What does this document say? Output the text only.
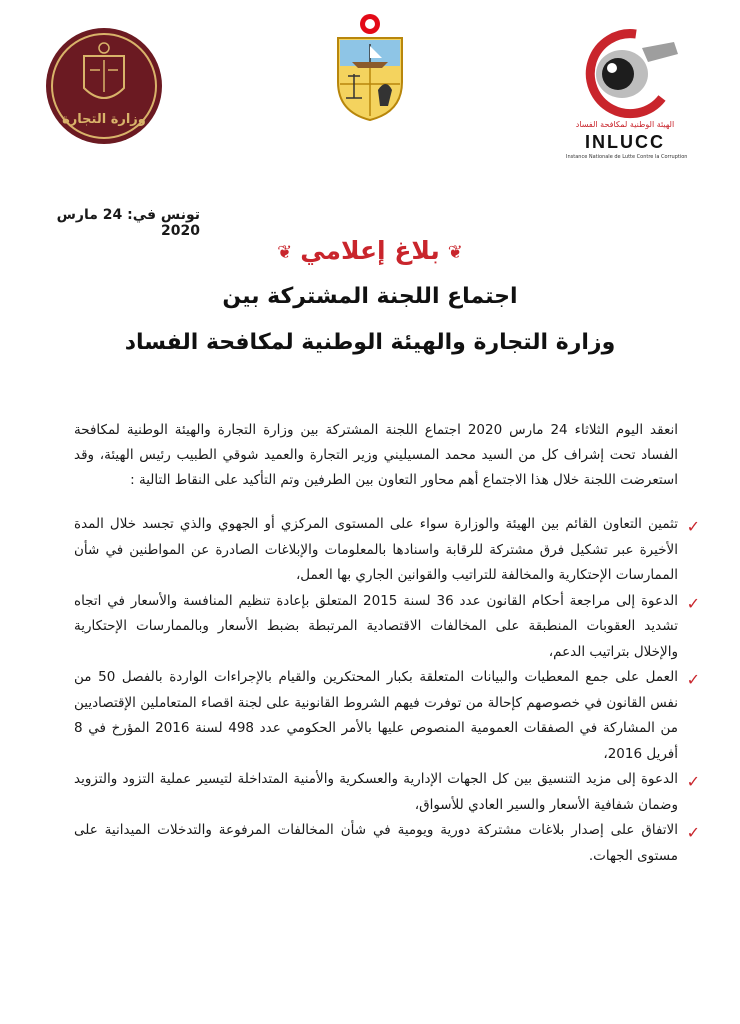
وزارة التجارة	الهيئة الوطنية لمكافحة الفساد
INLUCC
Instance Nationale de Lutte Contre la Corruption
تونس في: 24 مارس 2020
❦بلاغ إعلامي❦
اجتماع اللجنة المشتركة بين
وزارة التجارة والهيئة الوطنية لمكافحة الفساد

انعقد اليوم الثلاثاء 24 مارس 2020 اجتماع اللجنة المشتركة بين وزارة التجارة والهيئة الوطنية لمكافحة الفساد تحت إشراف كل من السيد محمد المسيليني وزير التجارة والعميد شوقي الطبيب رئيس الهيئة، وقد استعرضت اللجنة خلال هذا الاجتماع أهم محاور التعاون بين الطرفين وتم التأكيد على النقاط التالية :

✓
تثمين التعاون القائم بين الهيئة والوزارة سواء على المستوى المركزي أو الجهوي والذي تجسد خلال المدة الأخيرة عبر تشكيل فرق مشتركة للرقابة واسنادها بالمعلومات والإبلاغات الصادرة عن المواطنين في شأن الممارسات الإحتكارية والمخالفة للتراتيب والقوانين الجاري بها العمل،
✓
الدعوة إلى مراجعة أحكام القانون عدد 36 لسنة 2015 المتعلق بإعادة تنظيم المنافسة والأسعار في اتجاه تشديد العقوبات المنطبقة على المخالفات الاقتصادية المرتبطة بضبط الأسعار وبالممارسات الإحتكارية والإخلال بتراتيب الدعم،
✓
العمل على جمع المعطيات والبيانات المتعلقة بكبار المحتكرين والقيام بالإجراءات الواردة بالفصل 50 من نفس القانون في خصوصهم كإحالة من توفرت فيهم الشروط القانونية على لجنة اقصاء المتعاملين الإقتصاديين من المشاركة في الصفقات العمومية المنصوص عليها بالأمر الحكومي عدد 498 لسنة 2016 المؤرخ في 8 أفريل 2016،
✓
الدعوة إلى مزيد التنسيق بين كل الجهات الإدارية والعسكرية والأمنية المتداخلة لتيسير عملية التزود والتزويد وضمان شفافية الأسعار والسير العادي للأسواق،
✓
الاتفاق على إصدار بلاغات مشتركة دورية ويومية في شأن المخالفات المرفوعة والتدخلات الميدانية على مستوى الجهات.
